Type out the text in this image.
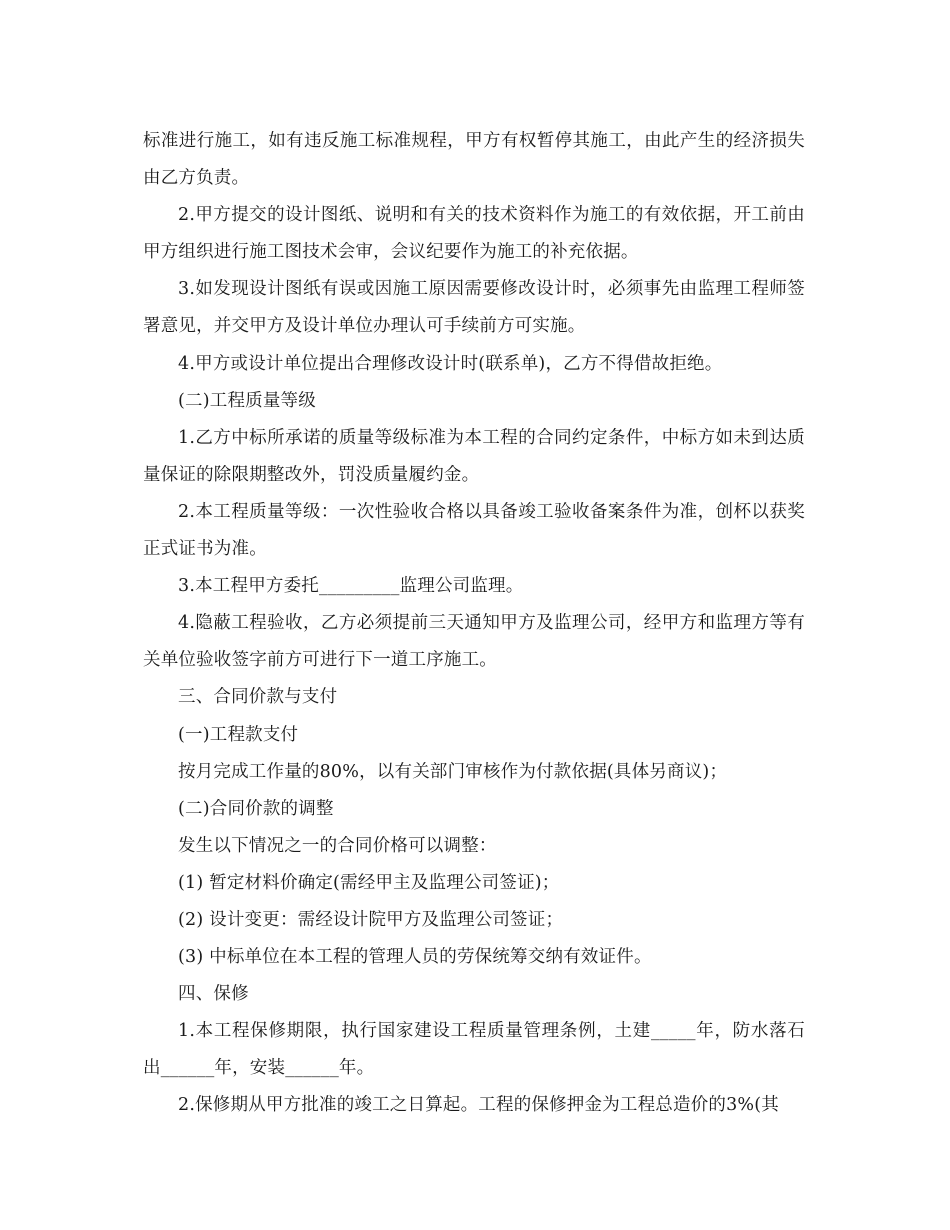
标准进行施工，如有违反施工标准规程，甲方有权暂停其施工，由此产生的经济损失由乙方负责。

2.甲方提交的设计图纸、说明和有关的技术资料作为施工的有效依据，开工前由甲方组织进行施工图技术会审，会议纪要作为施工的补充依据。

3.如发现设计图纸有误或因施工原因需要修改设计时，必须事先由监理工程师签署意见，并交甲方及设计单位办理认可手续前方可实施。

4.甲方或设计单位提出合理修改设计时(联系单)，乙方不得借故拒绝。

(二)工程质量等级

1.乙方中标所承诺的质量等级标准为本工程的合同约定条件，中标方如未到达质量保证的除限期整改外，罚没质量履约金。

2.本工程质量等级：一次性验收合格以具备竣工验收备案条件为准，创杯以获奖正式证书为准。

3.本工程甲方委托_________监理公司监理。

4.隐蔽工程验收，乙方必须提前三天通知甲方及监理公司，经甲方和监理方等有关单位验收签字前方可进行下一道工序施工。

三、合同价款与支付

(一)工程款支付

按月完成工作量的80%，以有关部门审核作为付款依据(具体另商议)；

(二)合同价款的调整

发生以下情况之一的合同价格可以调整：

(1) 暂定材料价确定(需经甲主及监理公司签证)；

(2) 设计变更：需经设计院甲方及监理公司签证；

(3) 中标单位在本工程的管理人员的劳保统筹交纳有效证件。

四、保修

1.本工程保修期限，执行国家建设工程质量管理条例，土建_____年，防水落石出______年，安装______年。

2.保修期从甲方批准的竣工之日算起。工程的保修押金为工程总造价的3%(其
